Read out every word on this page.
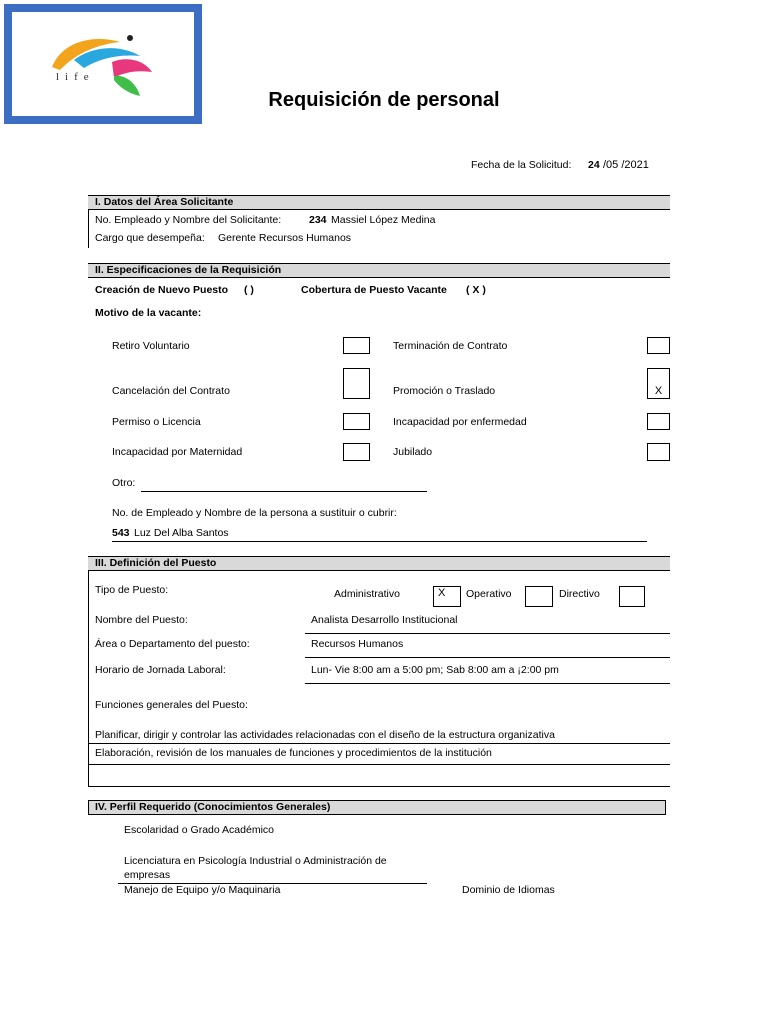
life
Requisición de personal
Fecha de la Solicitud: 24 /05 /2021
I. Datos del Área Solicitante
No. Empleado y Nombre del Solicitante:	234 Massiel López Medina
Cargo que desempeña: Gerente Recursos Humanos
II. Especificaciones de la Requisición
Creación de Nuevo Puesto ( )	Cobertura de Puesto Vacante ( X )
Motivo de la vacante:
Retiro Voluntario	Terminación de Contrato
Cancelación del Contrato	Promoción o Traslado	X
Permiso o Licencia	Incapacidad por enfermedad
Incapacidad por Maternidad	Jubilado
Otro:
No. de Empleado y Nombre de la persona a sustituir o cubrir:
543 Luz Del Alba Santos
III. Definición del Puesto
Tipo de Puesto:	Administrativo	X	Operativo	Directivo
Nombre del Puesto:	Analista Desarrollo Institucional
Área o Departamento del puesto:	Recursos Humanos
Horario de Jornada Laboral:	Lun- Vie 8:00 am a 5:00 pm; Sab 8:00 am a ¡2:00 pm
Funciones generales del Puesto:
Planificar, dirigir y controlar las actividades relacionadas con el diseño de la estructura organizativa
Elaboración, revisión de los manuales de funciones y procedimientos de la institución
IV. Perfil Requerido (Conocimientos Generales)
Escolaridad o Grado Académico
Licenciatura en Psicología Industrial o Administración de
empresas
Manejo de Equipo y/o Maquinaria	Dominio de Idiomas
